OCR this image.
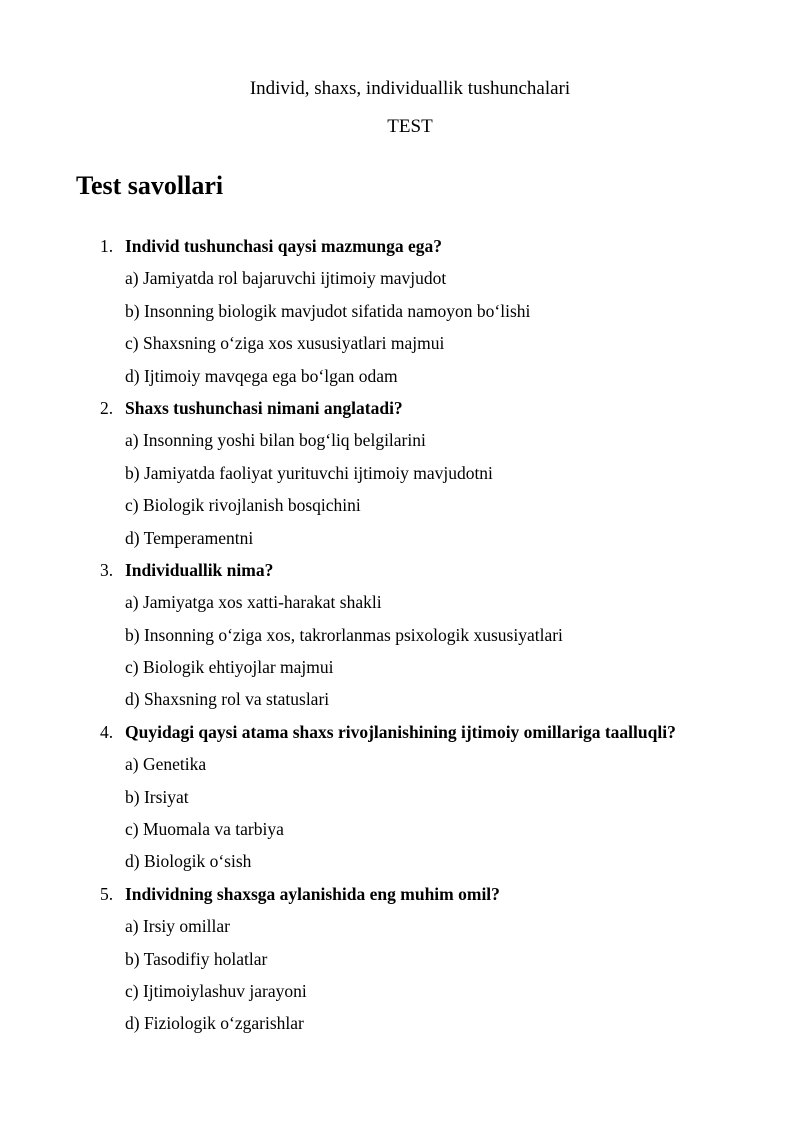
Individ, shaxs, individuallik tushunchalari
TEST
Test savollari
1. Individ tushunchasi qaysi mazmunga ega?
a) Jamiyatda rol bajaruvchi ijtimoiy mavjudot
b) Insonning biologik mavjudot sifatida namoyon bo‘lishi
c) Shaxsning o‘ziga xos xususiyatlari majmui
d) Ijtimoiy mavqega ega bo‘lgan odam
2. Shaxs tushunchasi nimani anglatadi?
a) Insonning yoshi bilan bog‘liq belgilarini
b) Jamiyatda faoliyat yurituvchi ijtimoiy mavjudotni
c) Biologik rivojlanish bosqichini
d) Temperamentni
3. Individuallik nima?
a) Jamiyatga xos xatti-harakat shakli
b) Insonning o‘ziga xos, takrorlanmas psixologik xususiyatlari
c) Biologik ehtiyojlar majmui
d) Shaxsning rol va statuslari
4. Quyidagi qaysi atama shaxs rivojlanishining ijtimoiy omillariga taalluqli?
a) Genetika
b) Irsiyat
c) Muomala va tarbiya
d) Biologik o‘sish
5. Individning shaxsga aylanishida eng muhim omil?
a) Irsiy omillar
b) Tasodifiy holatlar
c) Ijtimoiylashuv jarayoni
d) Fiziologik o‘zgarishlar
